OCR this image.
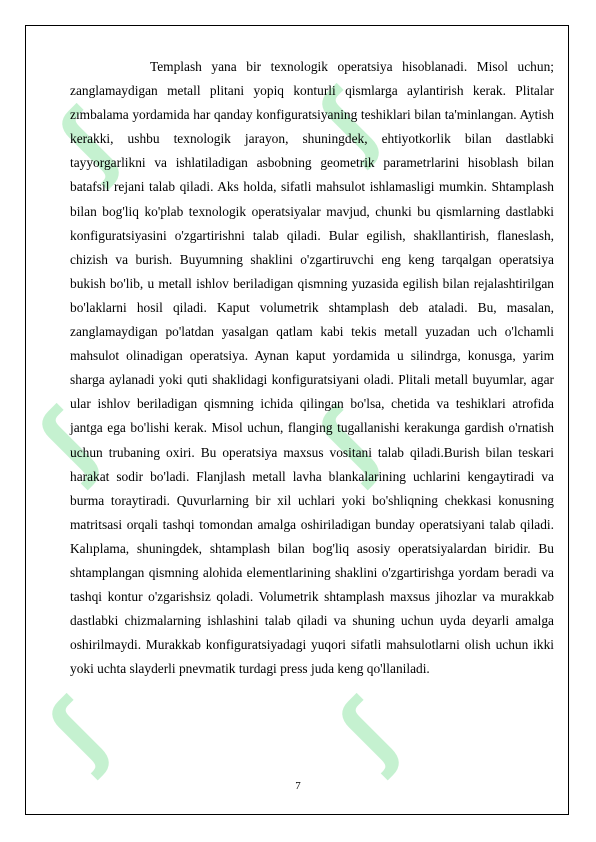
ʃ ʃ
ʃ ʃ
ʃ ʃ

Templash yana bir texnologik operatsiya hisoblanadi. Misol uchun; zanglamaydigan metall plitani yopiq konturli qismlarga aylantirish kerak. Plitalar zımbalama yordamida har qanday konfiguratsiyaning teshiklari bilan ta'minlangan. Aytish kerakki, ushbu texnologik jarayon, shuningdek, ehtiyotkorlik bilan dastlabki tayyorgarlikni va ishlatiladigan asbobning geometrik parametrlarini hisoblash bilan batafsil rejani talab qiladi. Aks holda, sifatli mahsulot ishlamasligi mumkin. Shtamplash bilan bog'liq ko'plab texnologik operatsiyalar mavjud, chunki bu qismlarning dastlabki konfiguratsiyasini o'zgartirishni talab qiladi. Bular egilish, shakllantirish, flaneslash, chizish va burish. Buyumning shaklini o'zgartiruvchi eng keng tarqalgan operatsiya bukish bo'lib, u metall ishlov beriladigan qismning yuzasida egilish bilan rejalashtirilgan bo'laklarni hosil qiladi. Kaput volumetrik shtamplash deb ataladi. Bu, masalan, zanglamaydigan po'latdan yasalgan qatlam kabi tekis metall yuzadan uch o'lchamli mahsulot olinadigan operatsiya. Aynan kaput yordamida u silindrga, konusga, yarim sharga aylanadi yoki quti shaklidagi konfiguratsiyani oladi. Plitali metall buyumlar, agar ular ishlov beriladigan qismning ichida qilingan bo'lsa, chetida va teshiklari atrofida jantga ega bo'lishi kerak. Misol uchun, flanging tugallanishi kerakunga gardish o'rnatish uchun trubaning oxiri. Bu operatsiya maxsus vositani talab qiladi.Burish bilan teskari harakat sodir bo'ladi. Flanjlash metall lavha blankalarining uchlarini kengaytiradi va burma toraytiradi. Quvurlarning bir xil uchlari yoki bo'shliqning chekkasi konusning matritsasi orqali tashqi tomondan amalga oshiriladigan bunday operatsiyani talab qiladi. Kalıplama, shuningdek, shtamplash bilan bog'liq asosiy operatsiyalardan biridir. Bu shtamplangan qismning alohida elementlarining shaklini o'zgartirishga yordam beradi va tashqi kontur o'zgarishsiz qoladi. Volumetrik shtamplash maxsus jihozlar va murakkab dastlabki chizmalarning ishlashini talab qiladi va shuning uchun uyda deyarli amalga oshirilmaydi. Murakkab konfiguratsiyadagi yuqori sifatli mahsulotlarni olish uchun ikki yoki uchta slayderli pnevmatik turdagi press juda keng qo'llaniladi.

7
